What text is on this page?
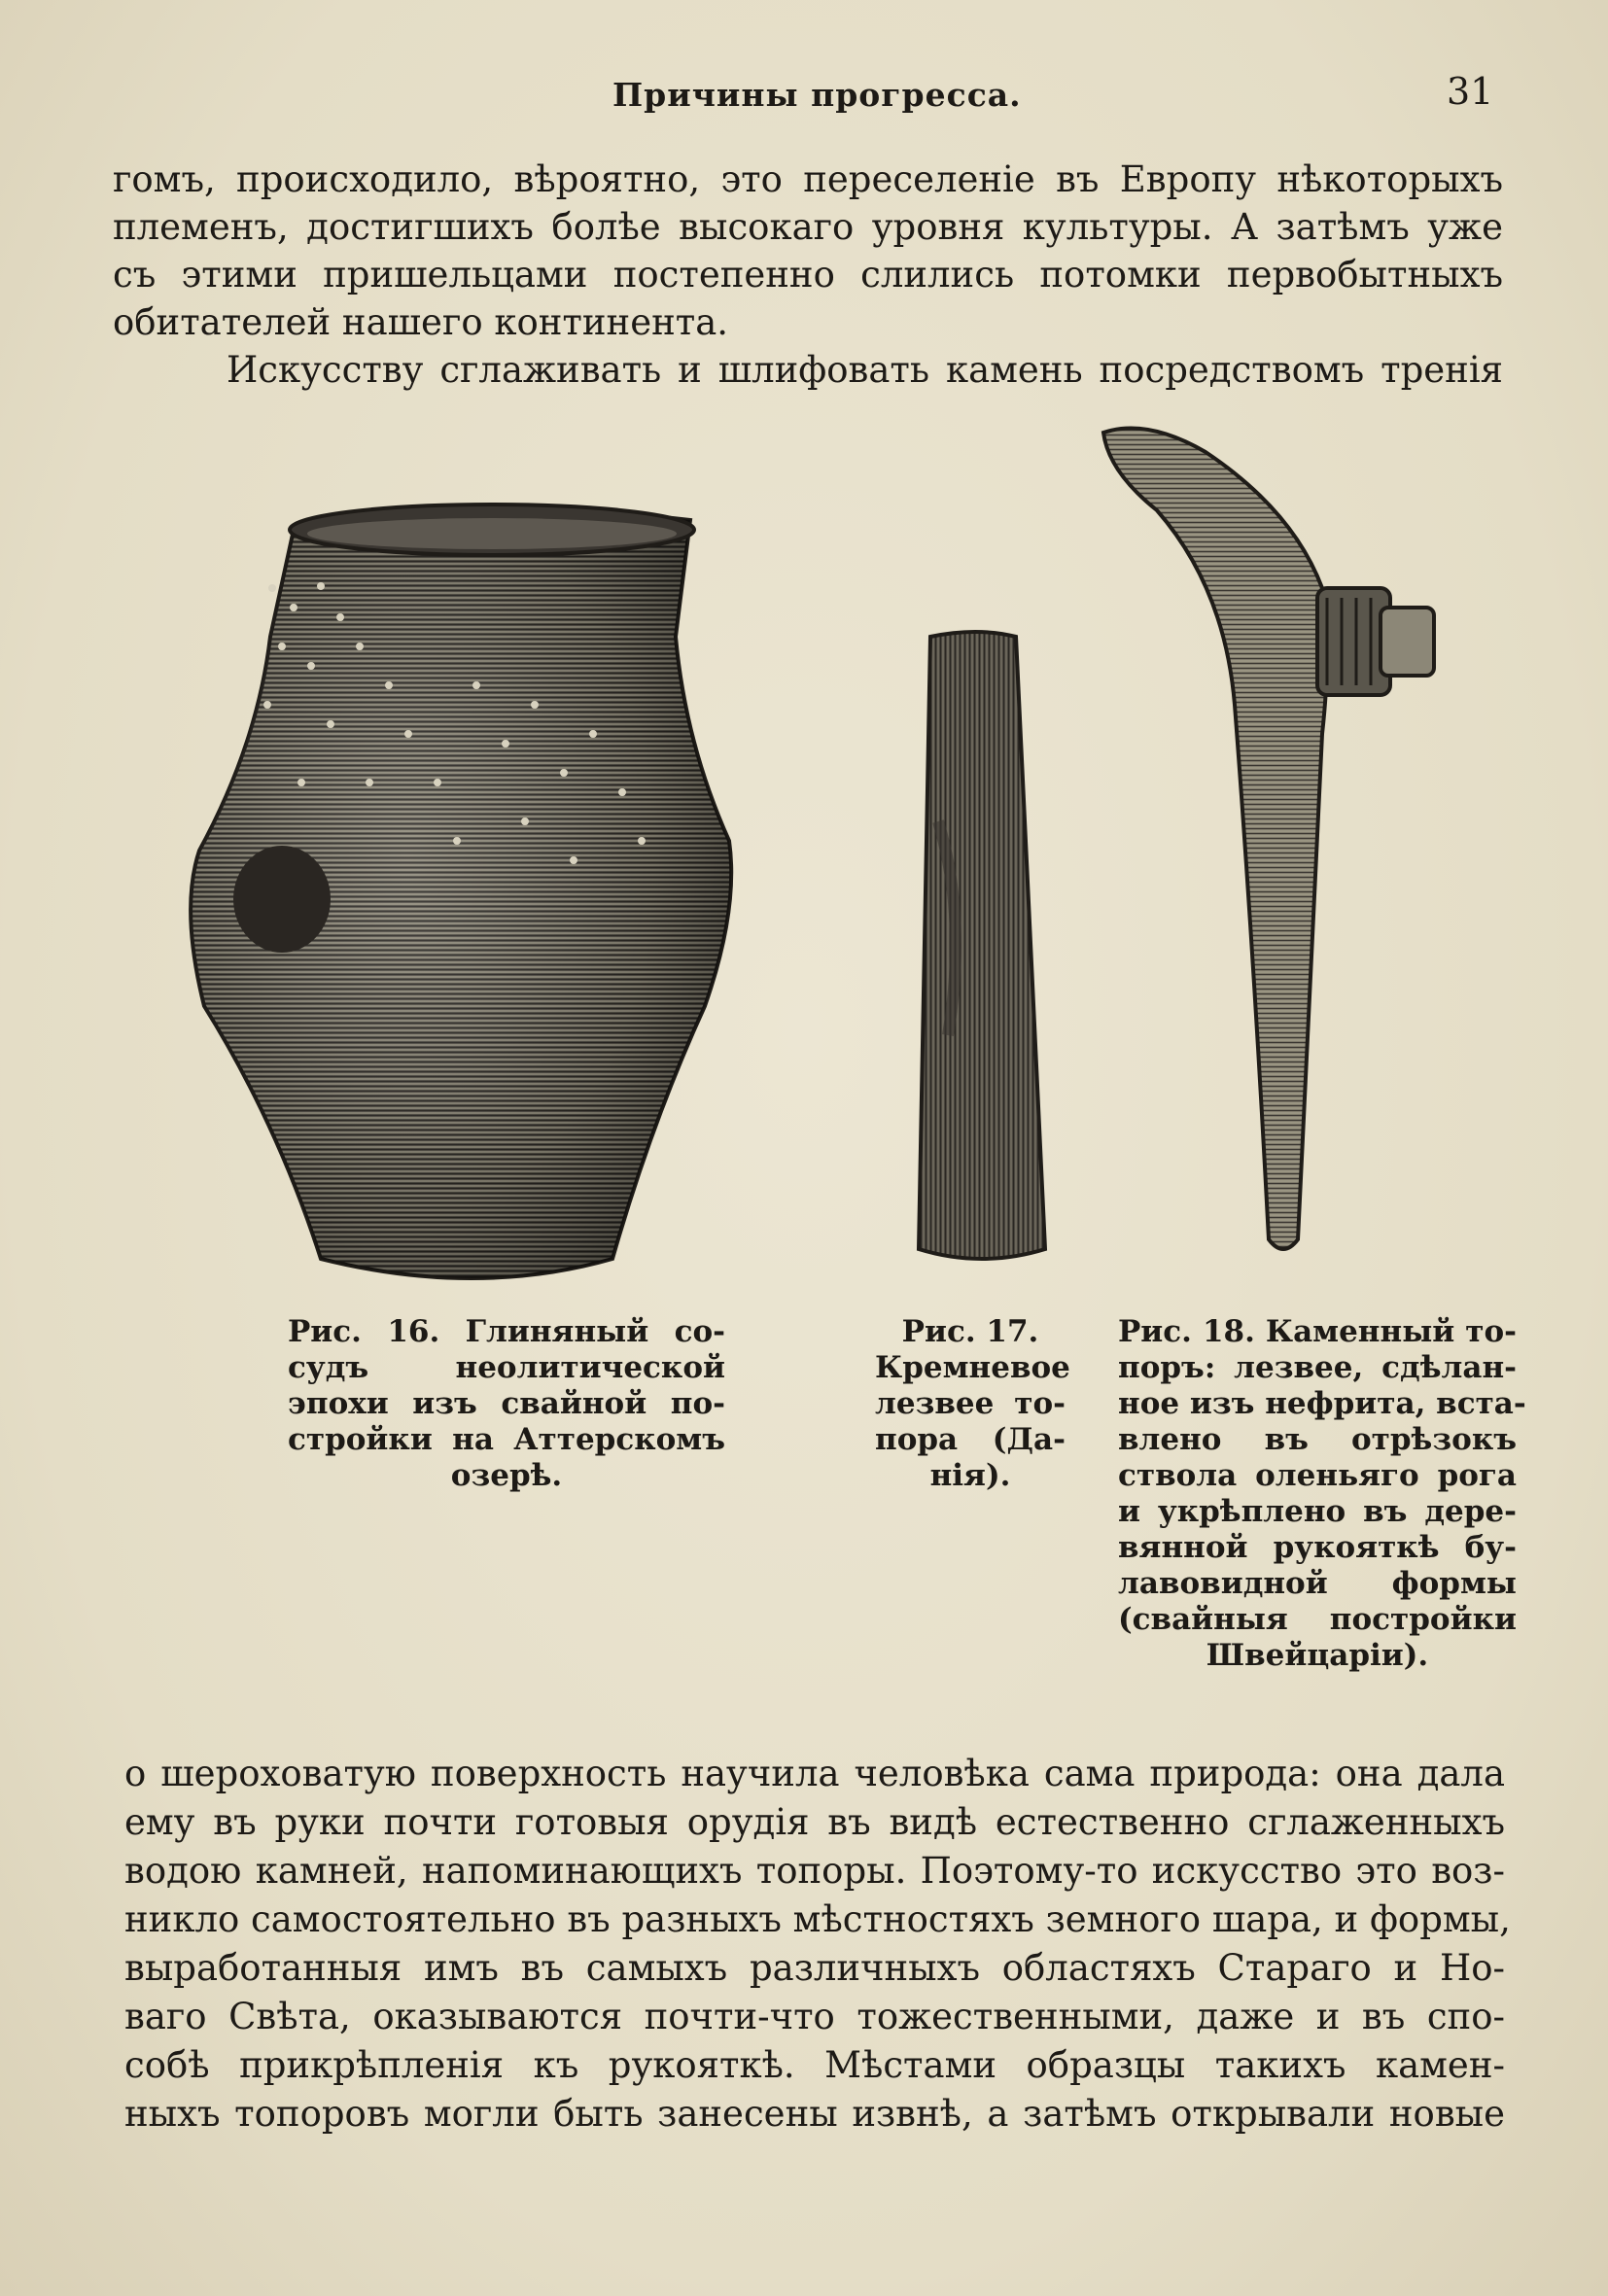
Причины прогресса.	31
гомъ, происходило, вѣроятно, это переселеніе въ Европу нѣкоторыхъ
племенъ, достигшихъ болѣе высокаго уровня культуры. А затѣмъ уже
съ этими пришельцами постепенно слились потомки первобытныхъ
обитателей нашего континента.
Искусству сглаживать и шлифовать камень посредствомъ тренія
Рис. 16. Глиняный со-
судъ неолитической
эпохи изъ свайной по-
стройки на Аттерскомъ
озерѣ.
Рис. 17.
Кремневое
лезвее то-
пора (Да-
нія).
Рис. 18. Каменный то-
поръ: лезвее, сдѣлан-
ное изъ нефрита, вста-
влено въ отрѣзокъ
ствола оленьяго рога
и укрѣплено въ дере-
вянной рукояткѣ бу-
лавовидной формы
(свайныя постройки
Швейцаріи).
о шероховатую поверхность научила человѣка сама природа: она дала
ему въ руки почти готовыя орудія въ видѣ естественно сглаженныхъ
водою камней, напоминающихъ топоры. Поэтому-то искусство это воз-
никло самостоятельно въ разныхъ мѣстностяхъ земного шара, и формы,
выработанныя имъ въ самыхъ различныхъ областяхъ Стараго и Но-
ваго Свѣта, оказываются почти-что тожественными, даже и въ спо-
собѣ прикрѣпленія къ рукояткѣ. Мѣстами образцы такихъ камен-
ныхъ топоровъ могли быть занесены извнѣ, а затѣмъ открывали новые
